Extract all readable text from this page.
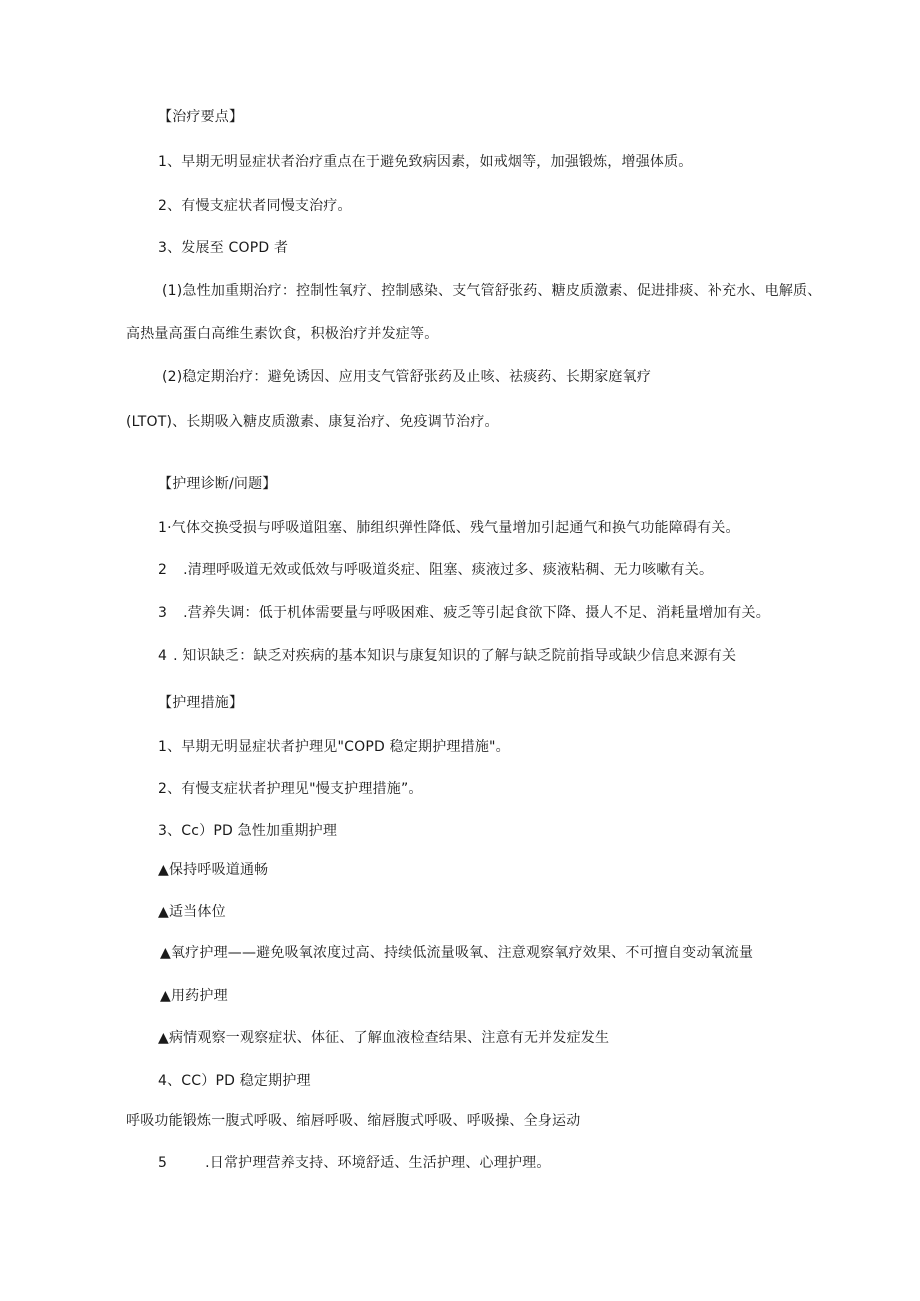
【治疗要点】
1、早期无明显症状者治疗重点在于避免致病因素，如戒烟等，加强锻炼，增强体质。
2、有慢支症状者同慢支治疗。
3、发展至 COPD 者
(1)急性加重期治疗：控制性氧疗、控制感染、支气管舒张药、糖皮质激素、促进排痰、补充水、电解质、
高热量高蛋白高维生素饮食，积极治疗并发症等。
(2)稳定期治疗：避免诱因、应用支气管舒张药及止咳、祛痰药、长期家庭氧疗
(LTOT)、长期吸入糖皮质激素、康复治疗、免疫调节治疗。
【护理诊断/问题】
1·气体交换受损与呼吸道阻塞、肺组织弹性降低、残气量增加引起通气和换气功能障碍有关。
2 .清理呼吸道无效或低效与呼吸道炎症、阻塞、痰液过多、痰液粘稠、无力咳嗽有关。
3 .营养失调：低于机体需要量与呼吸困难、疲乏等引起食欲下降、摄人不足、消耗量增加有关。
4 . 知识缺乏：缺乏对疾病的基本知识与康复知识的了解与缺乏院前指导或缺少信息来源有关
【护理措施】
1、早期无明显症状者护理见"COPD 稳定期护理措施"。
2、有慢支症状者护理见"慢支护理措施”。
3、Cc）PD 急性加重期护理
▲保持呼吸道通畅
▲适当体位
▲氧疗护理——避免吸氧浓度过高、持续低流量吸氧、注意观察氧疗效果、不可擅自变动氧流量
▲用药护理
▲病情观察一观察症状、体征、了解血液检查结果、注意有无并发症发生
4、CC）PD 稳定期护理
呼吸功能锻炼一腹式呼吸、缩唇呼吸、缩唇腹式呼吸、呼吸操、全身运动
5	.日常护理营养支持、环境舒适、生活护理、心理护理。
